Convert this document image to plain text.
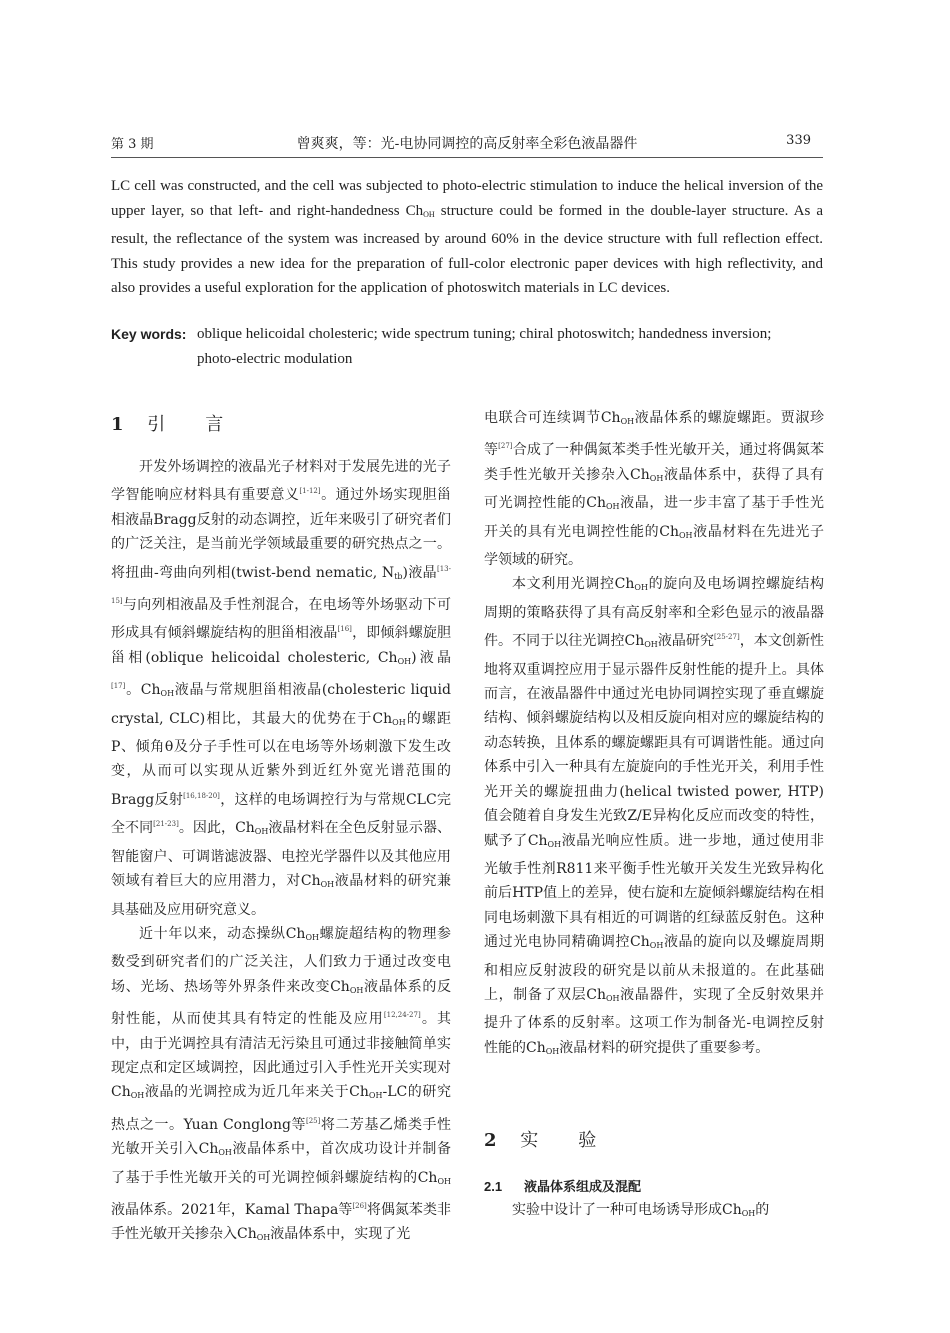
第 3 期	曾爽爽，等：光-电协同调控的高反射率全彩色液晶器件	339
LC cell was constructed, and the cell was subjected to photo-electric stimulation to induce the helical inversion of the upper layer, so that left- and right-handedness $Ch_{OH}$ structure could be formed in the double-layer structure. As a result, the reflectance of the system was increased by around 60% in the device structure with full reflection effect. This study provides a new idea for the preparation of full-color electronic paper devices with high reflectivity, and also provides a useful exploration for the application of photoswitch materials in LC devices.
Key words: oblique helicoidal cholesteric; wide spectrum tuning; chiral photoswitch; handedness inversion;
photo-electric modulation
1 引言

开发外场调控的液晶光子材料对于发展先进的光子学智能响应材料具有重要意义[1-12]。通过外场实现胆甾相液晶Bragg反射的动态调控，近年来吸引了研究者们的广泛关注，是当前光学领域最重要的研究热点之一。将扭曲-弯曲向列相(twist-bend nematic, $N_{tb}$)液晶[13-15]与向列相液晶及手性剂混合，在电场等外场驱动下可形成具有倾斜螺旋结构的胆甾相液晶[16]，即倾斜螺旋胆甾相(oblique helicoidal cholesteric, $Ch_{OH}$)液晶[17]。$Ch_{OH}$液晶与常规胆甾相液晶(cholesteric liquid crystal, CLC)相比，其最大的优势在于$Ch_{OH}$的螺距P、倾角θ及分子手性可以在电场等外场刺激下发生改变，从而可以实现从近紫外到近红外宽光谱范围的Bragg反射[16,18-20]，这样的电场调控行为与常规CLC完全不同[21-23]。因此，$Ch_{OH}$液晶材料在全色反射显示器、智能窗户、可调谐滤波器、电控光学器件以及其他应用领域有着巨大的应用潜力，对$Ch_{OH}$液晶材料的研究兼具基础及应用研究意义。

近十年以来，动态操纵$Ch_{OH}$螺旋超结构的物理参数受到研究者们的广泛关注，人们致力于通过改变电场、光场、热场等外界条件来改变$Ch_{OH}$液晶体系的反射性能，从而使其具有特定的性能及应用[12,24-27]。其中，由于光调控具有清洁无污染且可通过非接触简单实现定点和定区域调控，因此通过引入手性光开关实现对$Ch_{OH}$液晶的光调控成为近几年来关于$Ch_{OH}-LC$的研究热点之一。Yuan Conglong等[25]将二芳基乙烯类手性光敏开关引入$Ch_{OH}$液晶体系中，首次成功设计并制备了基于手性光敏开关的可光调控倾斜螺旋结构的$Ch_{OH}$液晶体系。2021年，Kamal Thapa等[26]将偶氮苯类非手性光敏开关掺杂入$Ch_{OH}$液晶体系中，实现了光

电联合可连续调节$Ch_{OH}$液晶体系的螺旋螺距。贾淑珍等[27]合成了一种偶氮苯类手性光敏开关，通过将偶氮苯类手性光敏开关掺杂入$Ch_{OH}$液晶体系中，获得了具有可光调控性能的$Ch_{OH}$液晶，进一步丰富了基于手性光开关的具有光电调控性能的$Ch_{OH}$液晶材料在先进光子学领域的研究。

本文利用光调控$Ch_{OH}$的旋向及电场调控螺旋结构周期的策略获得了具有高反射率和全彩色显示的液晶器件。不同于以往光调控$Ch_{OH}$液晶研究[25-27]，本文创新性地将双重调控应用于显示器件反射性能的提升上。具体而言，在液晶器件中通过光电协同调控实现了垂直螺旋结构、倾斜螺旋结构以及相反旋向相对应的螺旋结构的动态转换，且体系的螺旋螺距具有可调谐性能。通过向体系中引入一种具有左旋旋向的手性光开关，利用手性光开关的螺旋扭曲力(helical twisted power, HTP)值会随着自身发生光致Z/E异构化反应而改变的特性，赋予了$Ch_{OH}$液晶光响应性质。进一步地，通过使用非光敏手性剂R811来平衡手性光敏开关发生光致异构化前后HTP值上的差异，使右旋和左旋倾斜螺旋结构在相同电场刺激下具有相近的可调谐的红绿蓝反射色。这种通过光电协同精确调控$Ch_{OH}$液晶的旋向以及螺旋周期和相应反射波段的研究是以前从未报道的。在此基础上，制备了双层$Ch_{OH}$液晶器件，实现了全反射效果并提升了体系的反射率。这项工作为制备光-电调控反射性能的$Ch_{OH}$液晶材料的研究提供了重要参考。

2 实验
2.1 液晶体系组成及混配
实验中设计了一种可电场诱导形成$Ch_{OH}$的
